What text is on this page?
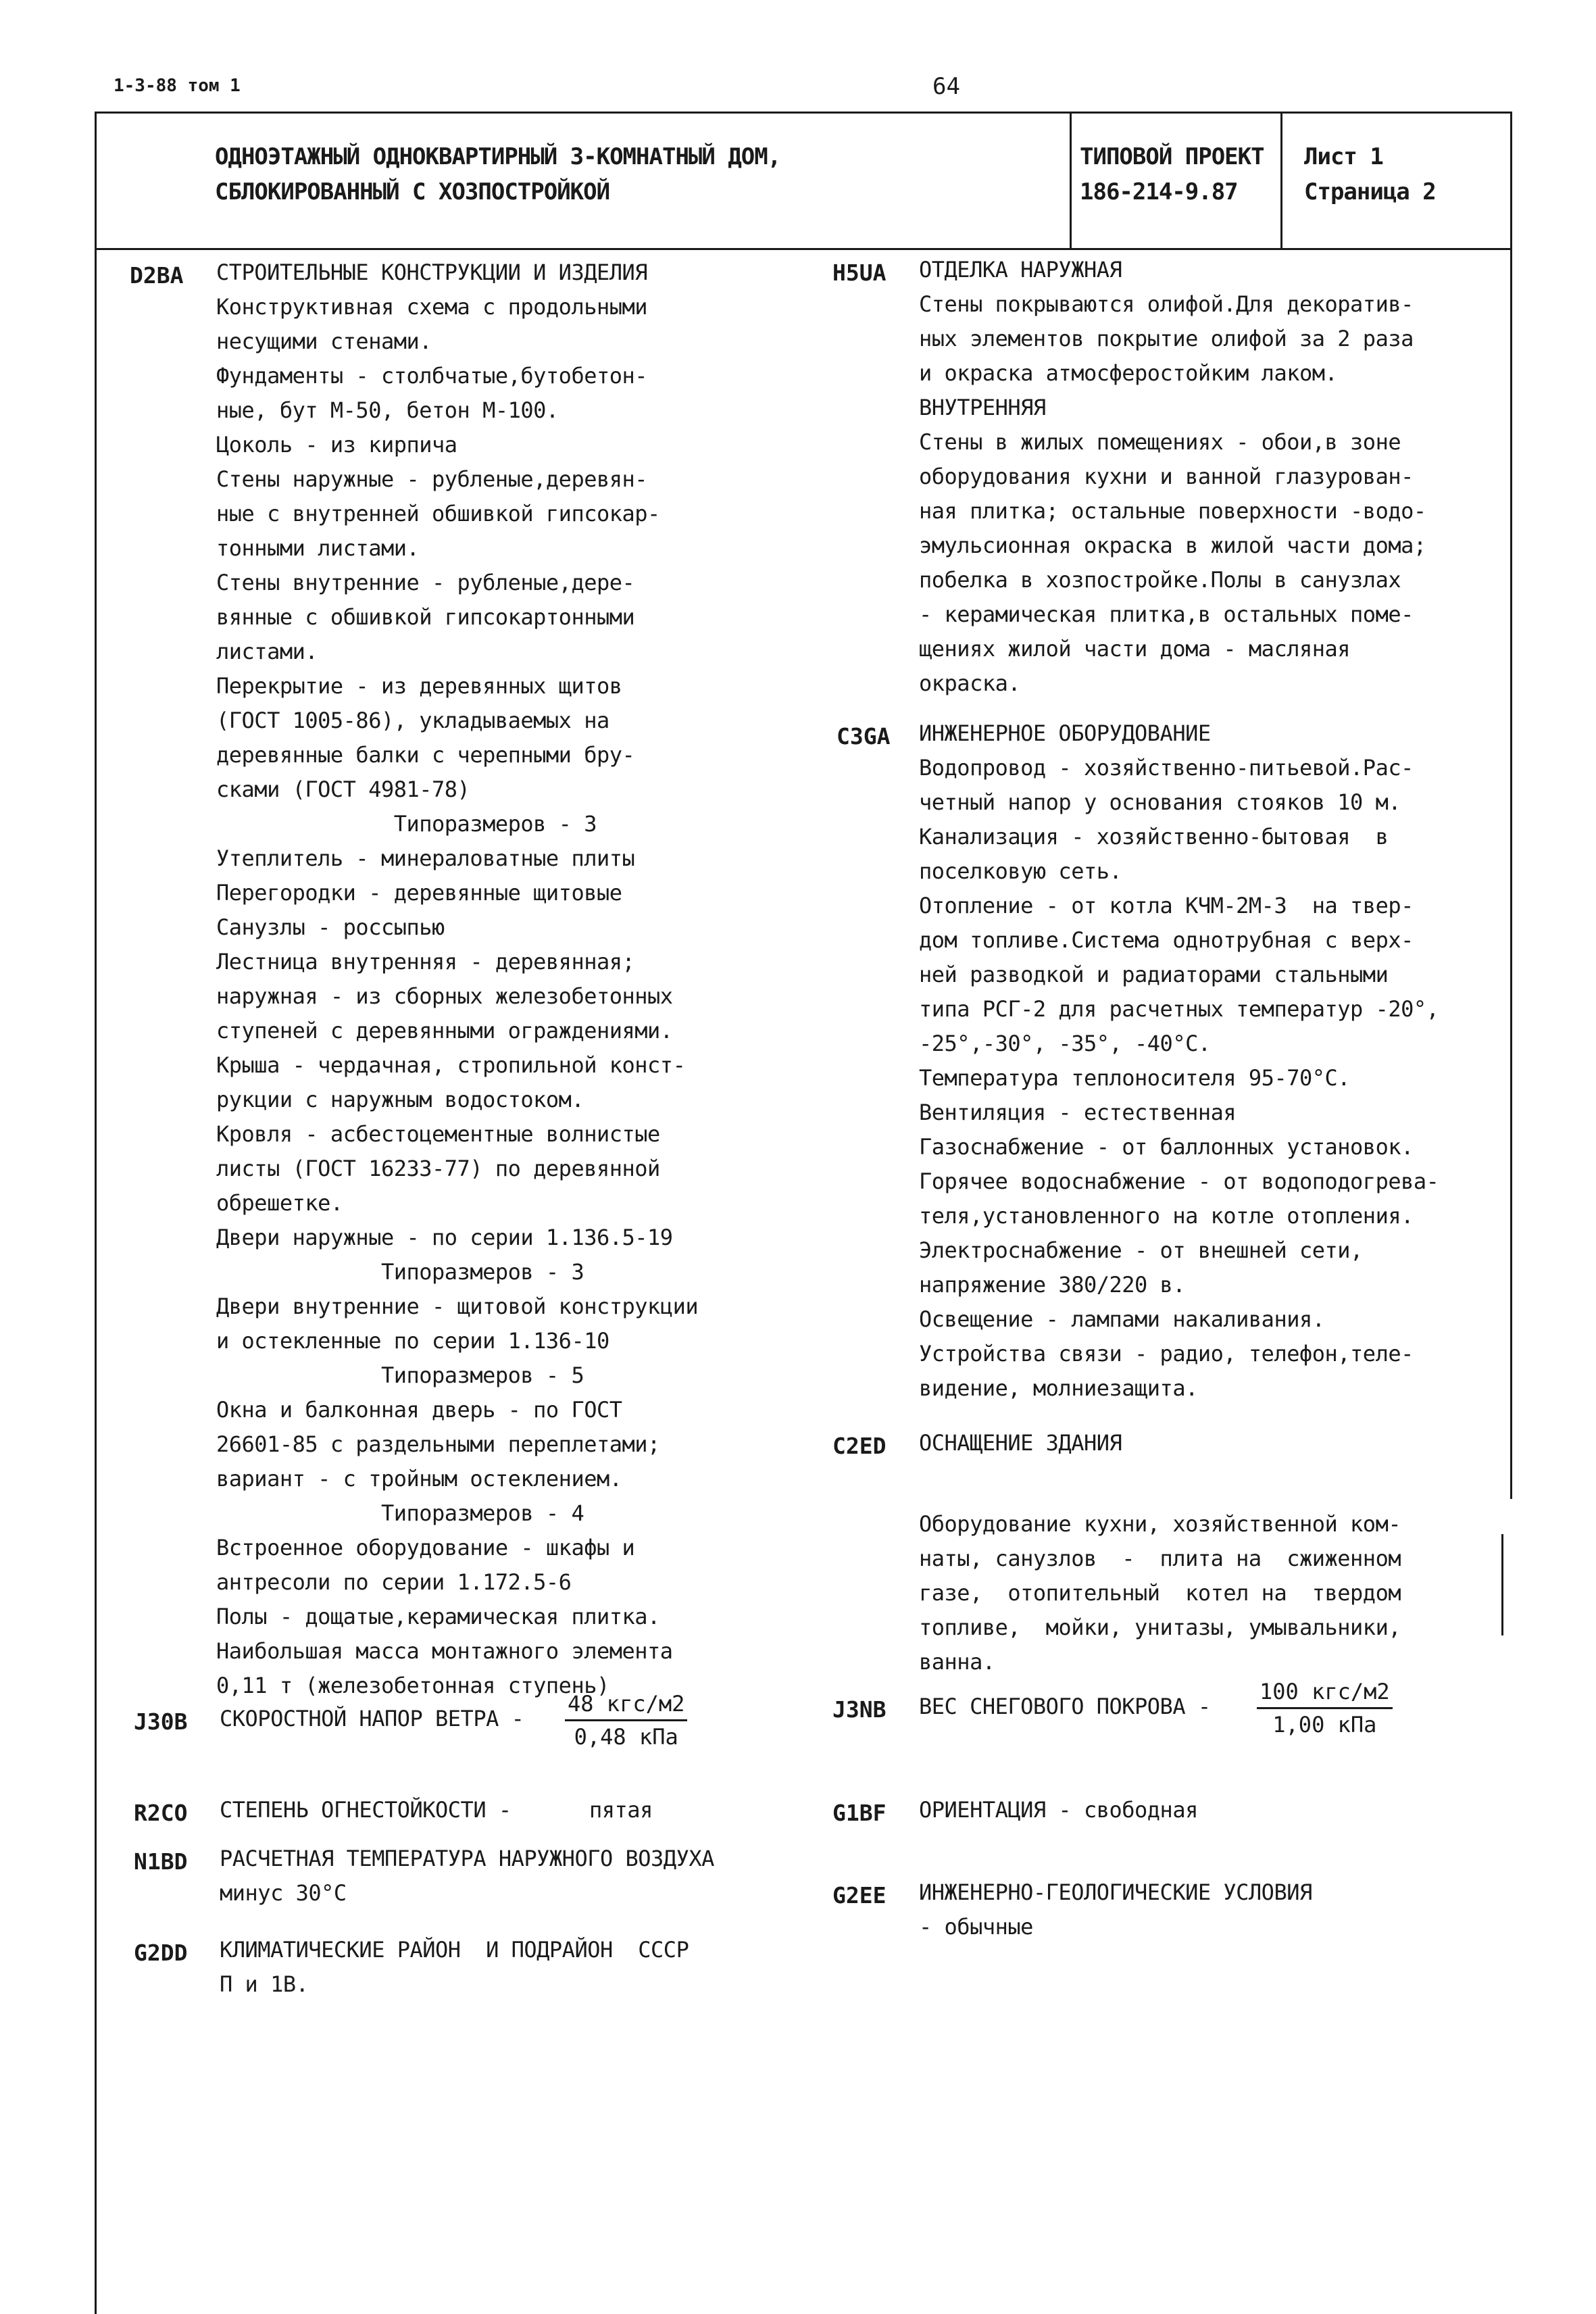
1-3-88 том 1	64
ОДНОЭТАЖНЫЙ ОДНОКВАРТИРНЫЙ 3-КОМНАТНЫЙ ДОМ,
СБЛОКИРОВАННЫЙ С ХОЗПОСТРОЙКОЙ
ТИПОВОЙ ПРОЕКТ
186-214-9.87
Лист 1
Страница 2
D2BA СТРОИТЕЛЬНЫЕ КОНСТРУКЦИИ И ИЗДЕЛИЯ
Конструктивная схема с продольными
несущими стенами.
Фундаменты - столбчатые,бутобетон-
ные, бут М-50, бетон М-100.
Цоколь - из кирпича
Стены наружные - рубленые,деревян-
ные с внутренней обшивкой гипсокар-
тонными листами.
Стены внутренние - рубленые,дере-
вянные с обшивкой гипсокартонными
листами.
Перекрытие - из деревянных щитов
(ГОСТ 1005-86), укладываемых на
деревянные балки с черепными бру-
сками (ГОСТ 4981-78)
Типоразмеров - 3
Утеплитель - минераловатные плиты
Перегородки - деревянные щитовые
Санузлы - россыпью
Лестница внутренняя - деревянная;
наружная - из сборных железобетонных
ступеней с деревянными ограждениями.
Крыша - чердачная, стропильной конст-
рукции с наружным водостоком.
Кровля - асбестоцементные волнистые
листы (ГОСТ 16233-77) по деревянной
обрешетке.
Двери наружные - по серии 1.136.5-19
Типоразмеров - 3
Двери внутренние - щитовой конструкции
и остекленные по серии 1.136-10
Типоразмеров - 5
Окна и балконная дверь - по ГОСТ
26601-85 с раздельными переплетами;
вариант - с тройным остеклением.
Типоразмеров - 4
Встроенное оборудование - шкафы и
антресоли по серии 1.172.5-6
Полы - дощатые,керамическая плитка.
Наибольшая масса монтажного элемента
0,11 т (железобетонная ступень)
J30B СКОРОСТНОЙ НАПОР ВЕТРА -
48 кгс/м2
0,48 кПа
R2CO СТЕПЕНЬ ОГНЕСТОЙКОСТИ -	пятая
N1BD РАСЧЕТНАЯ ТЕМПЕРАТУРА НАРУЖНОГО ВОЗДУХА
минус 30°С
G2DD КЛИМАТИЧЕСКИЕ РАЙОН  И ПОДРАЙОН  СССР
П и 1В.
H5UA ОТДЕЛКА НАРУЖНАЯ
Стены покрываются олифой.Для декоратив-
ных элементов покрытие олифой за 2 раза
и окраска атмосферостойким лаком.
ВНУТРЕННЯЯ
Стены в жилых помещениях - обои,в зоне
оборудования кухни и ванной глазурован-
ная плитка; остальные поверхности -водо-
эмульсионная окраска в жилой части дома;
побелка в хозпостройке.Полы в санузлах
- керамическая плитка,в остальных поме-
щениях жилой части дома - масляная
окраска.
C3GA ИНЖЕНЕРНОЕ ОБОРУДОВАНИЕ
Водопровод - хозяйственно-питьевой.Рас-
четный напор у основания стояков 10 м.
Канализация - хозяйственно-бытовая  в
поселковую сеть.
Отопление - от котла КЧМ-2М-3  на твер-
дом топливе.Система однотрубная с верх-
ней разводкой и радиаторами стальными
типа РСГ-2 для расчетных температур -20°,
-25°,-30°, -35°, -40°С.
Температура теплоносителя 95-70°С.
Вентиляция - естественная
Газоснабжение - от баллонных установок.
Горячее водоснабжение - от водоподогрева-
теля,установленного на котле отопления.
Электроснабжение - от внешней сети,
напряжение 380/220 в.
Освещение - лампами накаливания.
Устройства связи - радио, телефон,теле-
видение, молниезащита.
C2ED ОСНАЩЕНИЕ ЗДАНИЯ
Оборудование кухни, хозяйственной ком-
наты, санузлов  -  плита на  сжиженном
газе,  отопительный  котел на  твердом
топливе,  мойки, унитазы, умывальники,
ванна.
J3NB ВЕС СНЕГОВОГО ПОКРОВА -
100 кгс/м2
1,00 кПа
G1BF ОРИЕНТАЦИЯ - свободная
G2EE ИНЖЕНЕРНО-ГЕОЛОГИЧЕСКИЕ УСЛОВИЯ
- обычные
